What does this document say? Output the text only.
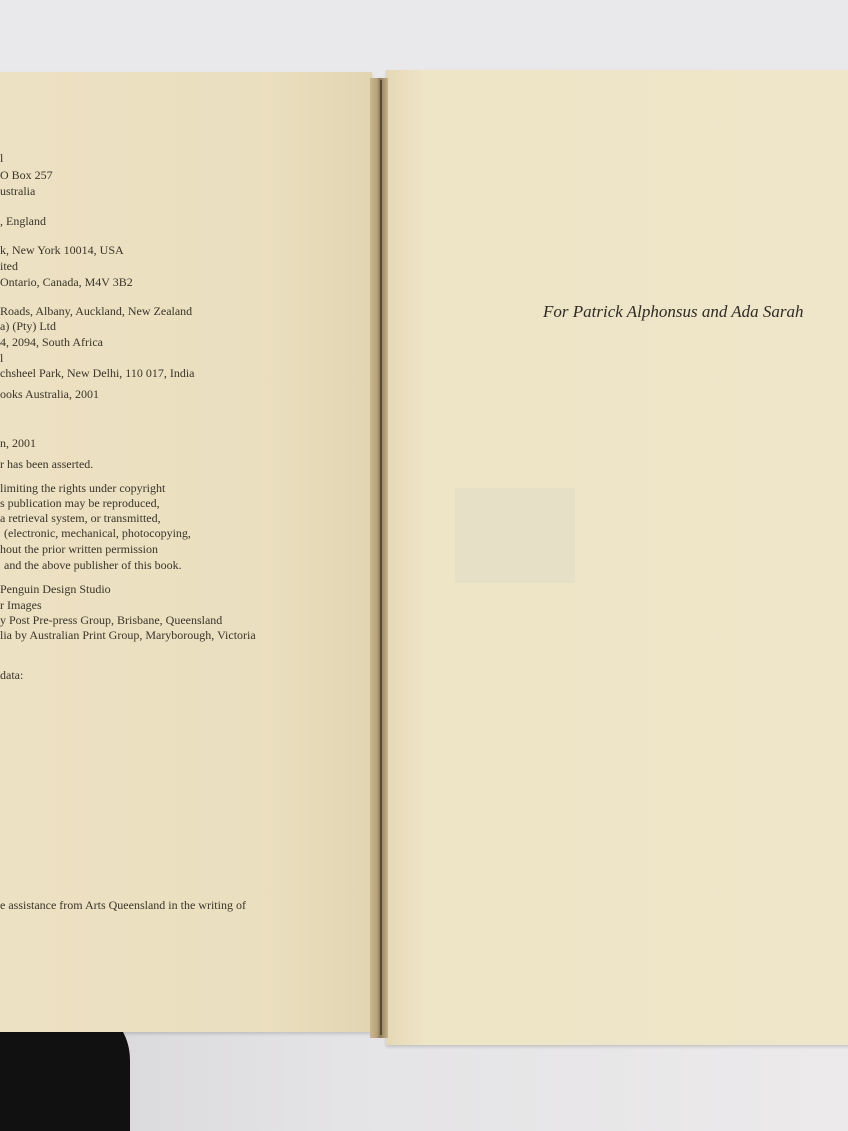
l
O Box 257
ustralia
, England
k, New York 10014, USA
ited
Ontario, Canada, M4V 3B2
Roads, Albany, Auckland, New Zealand
a) (Pty) Ltd
4, 2094, South Africa
l
chsheel Park, New Delhi, 110 017, India
ooks Australia, 2001
n, 2001
r has been asserted.
limiting the rights under copyright
s publication may be reproduced,
a retrieval system, or transmitted,
(electronic, mechanical, photocopying,
hout the prior written permission
and the above publisher of this book.
Penguin Design Studio
r Images
y Post Pre-press Group, Brisbane, Queensland
lia by Australian Print Group, Maryborough, Victoria
data:
e assistance from Arts Queensland in the writing of
For Patrick Alphonsus and Ada Sarah
